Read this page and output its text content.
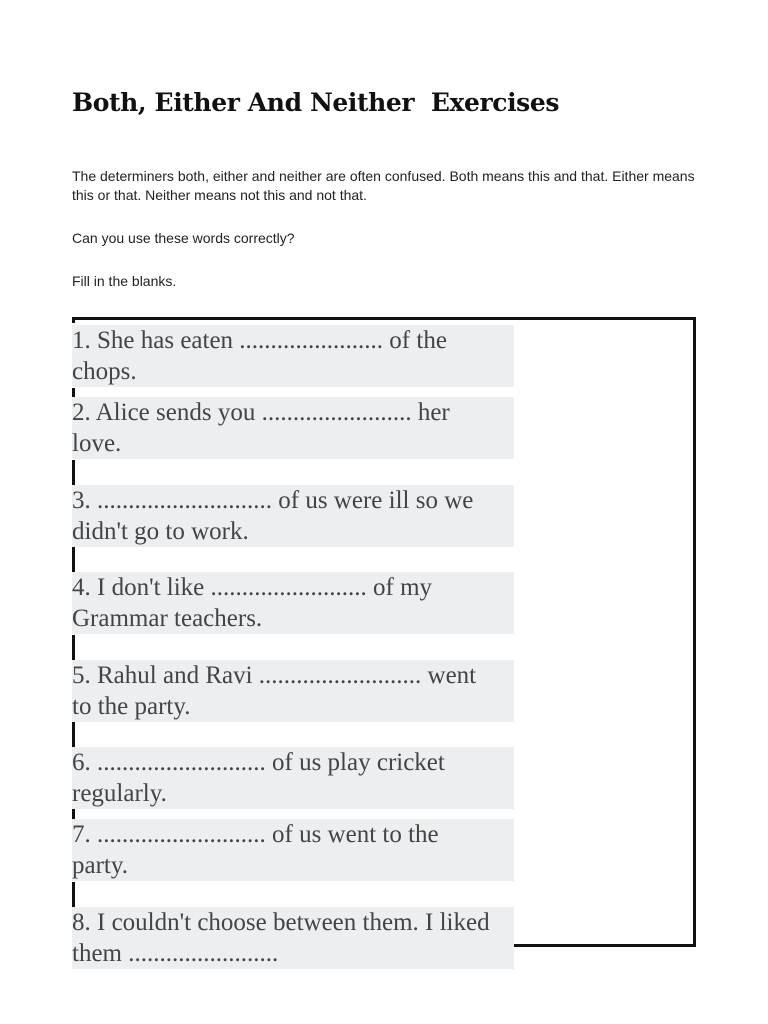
Both, Either And Neither  Exercises

The determiners both, either and neither are often confused. Both means this and that. Either means this or that. Neither means not this and not that.

Can you use these words correctly?

Fill in the blanks.

1. She has eaten ....................... of the
chops.
2. Alice sends you ........................ her
love.
3. ............................ of us were ill so we
didn't go to work.
4. I don't like ......................... of my
Grammar teachers.
5. Rahul and Ravi .......................... went
to the party.
6. ........................... of us play cricket
regularly.
7. ........................... of us went to the
party.
8. I couldn't choose between them. I liked
them ........................
